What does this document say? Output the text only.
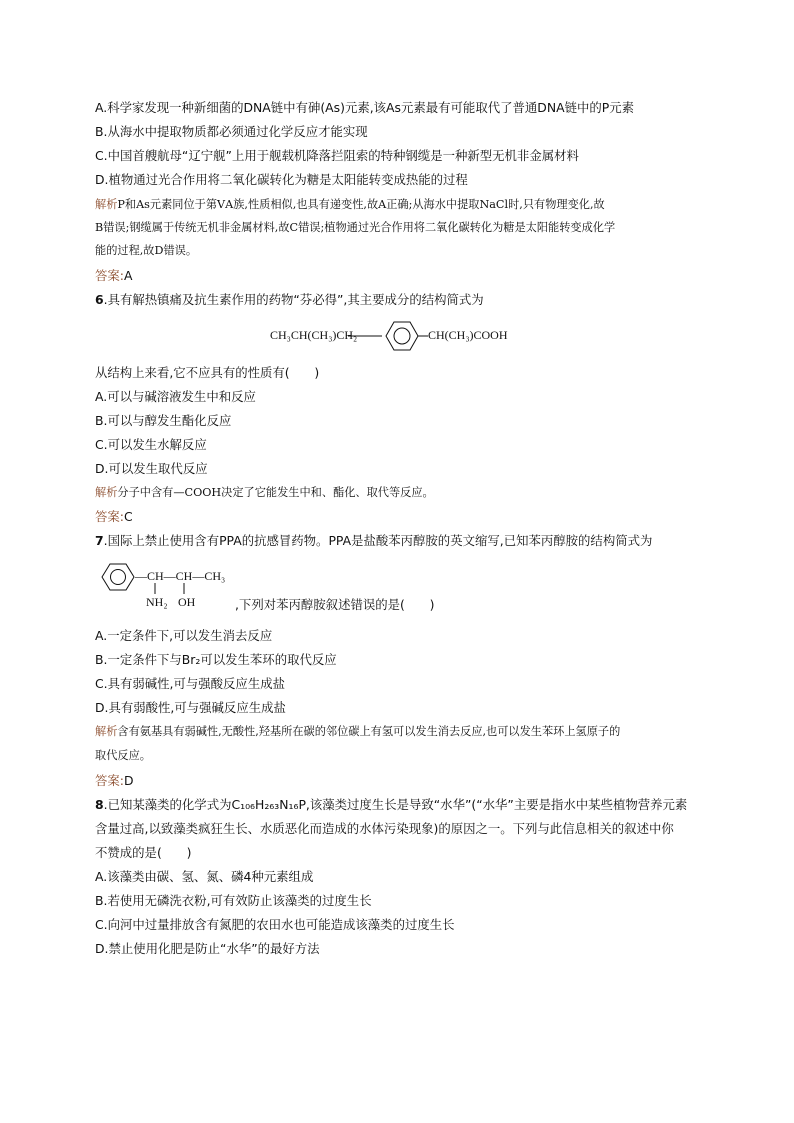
A.科学家发现一种新细菌的DNA链中有砷(As)元素,该As元素最有可能取代了普通DNA链中的P元素
B.从海水中提取物质都必须通过化学反应才能实现
C.中国首艘航母“辽宁舰”上用于舰载机降落拦阻索的特种钢缆是一种新型无机非金属材料
D.植物通过光合作用将二氧化碳转化为糖是太阳能转变成热能的过程
解析P和As元素同位于第ⅤA族,性质相似,也具有递变性,故A正确;从海水中提取NaCl时,只有物理变化,故
B错误;钢缆属于传统无机非金属材料,故C错误;植物通过光合作用将二氧化碳转化为糖是太阳能转变成化学
能的过程,故D错误。
答案:A
6.具有解热镇痛及抗生素作用的药物“芬必得”,其主要成分的结构简式为
CH₃CH(CH₃)CH₂	CH(CH₃)COOH
从结构上来看,它不应具有的性质有(　　)
A.可以与碱溶液发生中和反应
B.可以与醇发生酯化反应
C.可以发生水解反应
D.可以发生取代反应
解析分子中含有—COOH决定了它能发生中和、酯化、取代等反应。
答案:C
7.国际上禁止使用含有PPA的抗感冒药物。PPA是盐酸苯丙醇胺的英文缩写,已知苯丙醇胺的结构简式为
—CH—CH—CH₃
NH₂ OH	,下列对苯丙醇胺叙述错误的是(　　)
A.一定条件下,可以发生消去反应
B.一定条件下与Br₂可以发生苯环的取代反应
C.具有弱碱性,可与强酸反应生成盐
D.具有弱酸性,可与强碱反应生成盐
解析含有氨基具有弱碱性,无酸性,羟基所在碳的邻位碳上有氢可以发生消去反应,也可以发生苯环上氢原子的
取代反应。
答案:D
8.已知某藻类的化学式为C₁₀₆H₂₆₃N₁₆P,该藻类过度生长是导致“水华”(“水华”主要是指水中某些植物营养元素
含量过高,以致藻类疯狂生长、水质恶化而造成的水体污染现象)的原因之一。下列与此信息相关的叙述中你
不赞成的是(　　)
A.该藻类由碳、氢、氮、磷4种元素组成
B.若使用无磷洗衣粉,可有效防止该藻类的过度生长
C.向河中过量排放含有氮肥的农田水也可能造成该藻类的过度生长
D.禁止使用化肥是防止“水华”的最好方法
